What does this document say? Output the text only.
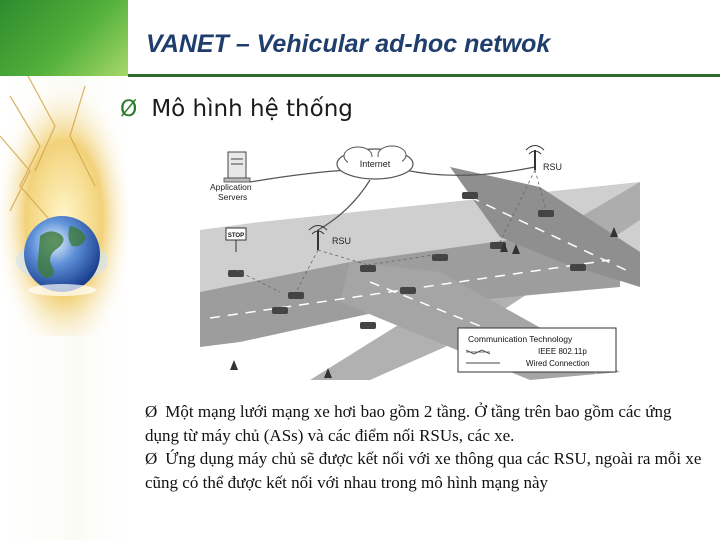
VANET – Vehicular ad-hoc netwok
Ø Mô hình hệ thống
Internet
Application
Servers
RSU
RSU
STOP
Communication Technology
IEEE 802.11p
Wired Connection

Ø Một mạng lưới mạng xe hơi bao gồm 2 tầng. Ở tầng trên bao gồm các ứng dụng từ máy chủ (ASs) và các điểm nối RSUs, các xe.

Ø Ứng dụng máy chủ sẽ được kết nối với xe thông qua các RSU, ngoài ra mỗi xe cũng có thể được kết nối với nhau trong mô hình mạng này
